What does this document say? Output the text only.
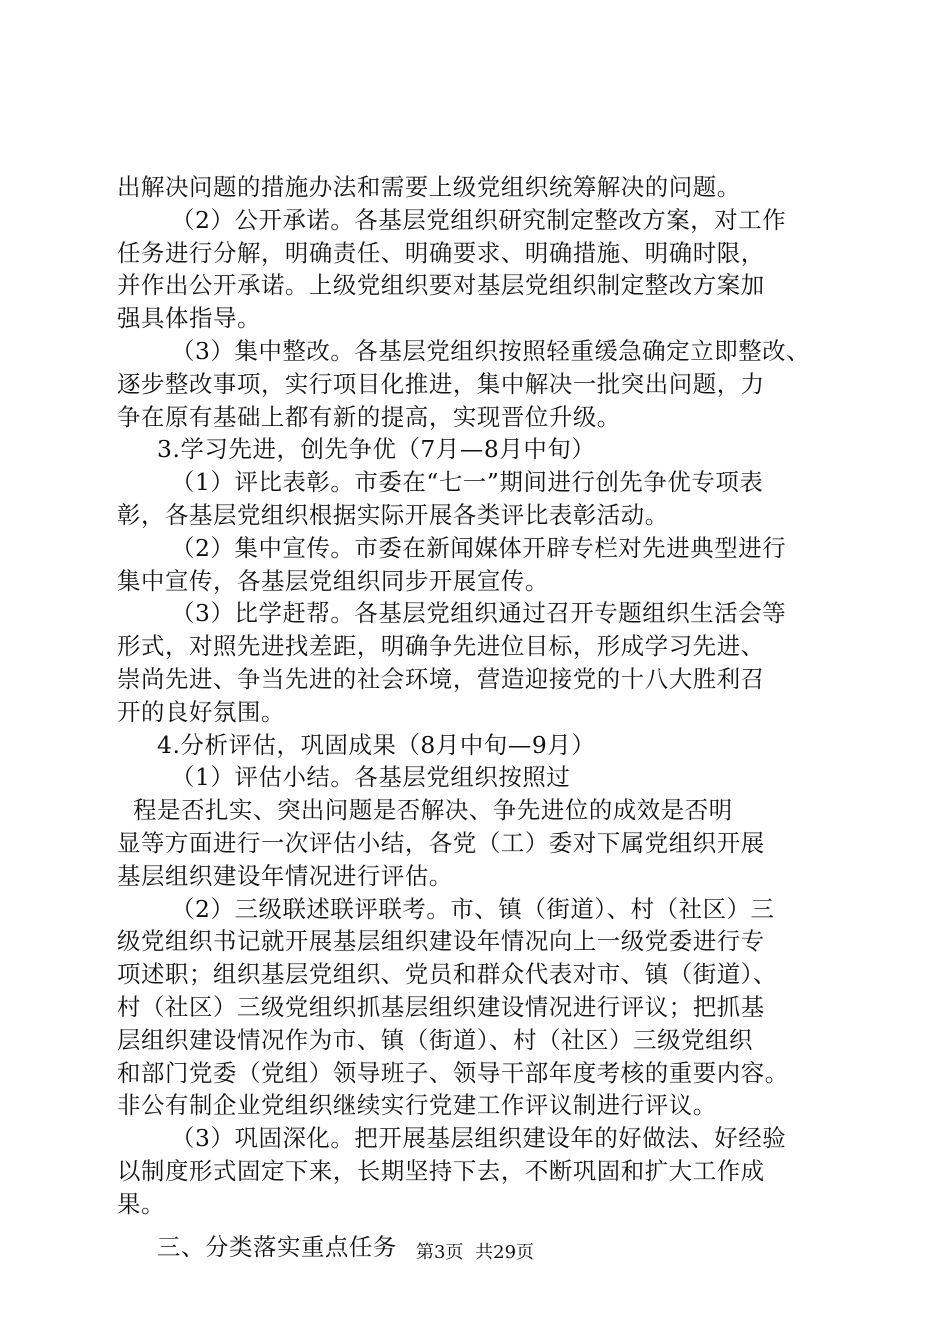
出解决问题的措施办法和需要上级党组织统筹解决的问题。
（2）公开承诺。各基层党组织研究制定整改方案，对工作
任务进行分解，明确责任、明确要求、明确措施、明确时限，
并作出公开承诺。上级党组织要对基层党组织制定整改方案加
强具体指导。
（3）集中整改。各基层党组织按照轻重缓急确定立即整改、
逐步整改事项，实行项目化推进，集中解决一批突出问题，力
争在原有基础上都有新的提高，实现晋位升级。
3.学习先进，创先争优（7月—8月中旬）
（1）评比表彰。市委在“七一”期间进行创先争优专项表
彰，各基层党组织根据实际开展各类评比表彰活动。
（2）集中宣传。市委在新闻媒体开辟专栏对先进典型进行
集中宣传，各基层党组织同步开展宣传。
（3）比学赶帮。各基层党组织通过召开专题组织生活会等
形式，对照先进找差距，明确争先进位目标，形成学习先进、
崇尚先进、争当先进的社会环境，营造迎接党的十八大胜利召
开的良好氛围。
4.分析评估，巩固成果（8月中旬—9月）
（1）评估小结。各基层党组织按照过
程是否扎实、突出问题是否解决、争先进位的成效是否明
显等方面进行一次评估小结，各党（工）委对下属党组织开展
基层组织建设年情况进行评估。
（2）三级联述联评联考。市、镇（街道）、村（社区）三
级党组织书记就开展基层组织建设年情况向上一级党委进行专
项述职；组织基层党组织、党员和群众代表对市、镇（街道）、
村（社区）三级党组织抓基层组织建设情况进行评议；把抓基
层组织建设情况作为市、镇（街道）、村（社区）三级党组织
和部门党委（党组）领导班子、领导干部年度考核的重要内容。
非公有制企业党组织继续实行党建工作评议制进行评议。
（3）巩固深化。把开展基层组织建设年的好做法、好经验
以制度形式固定下来，长期坚持下去，不断巩固和扩大工作成
果。
三、分类落实重点任务	第3页 共29页
